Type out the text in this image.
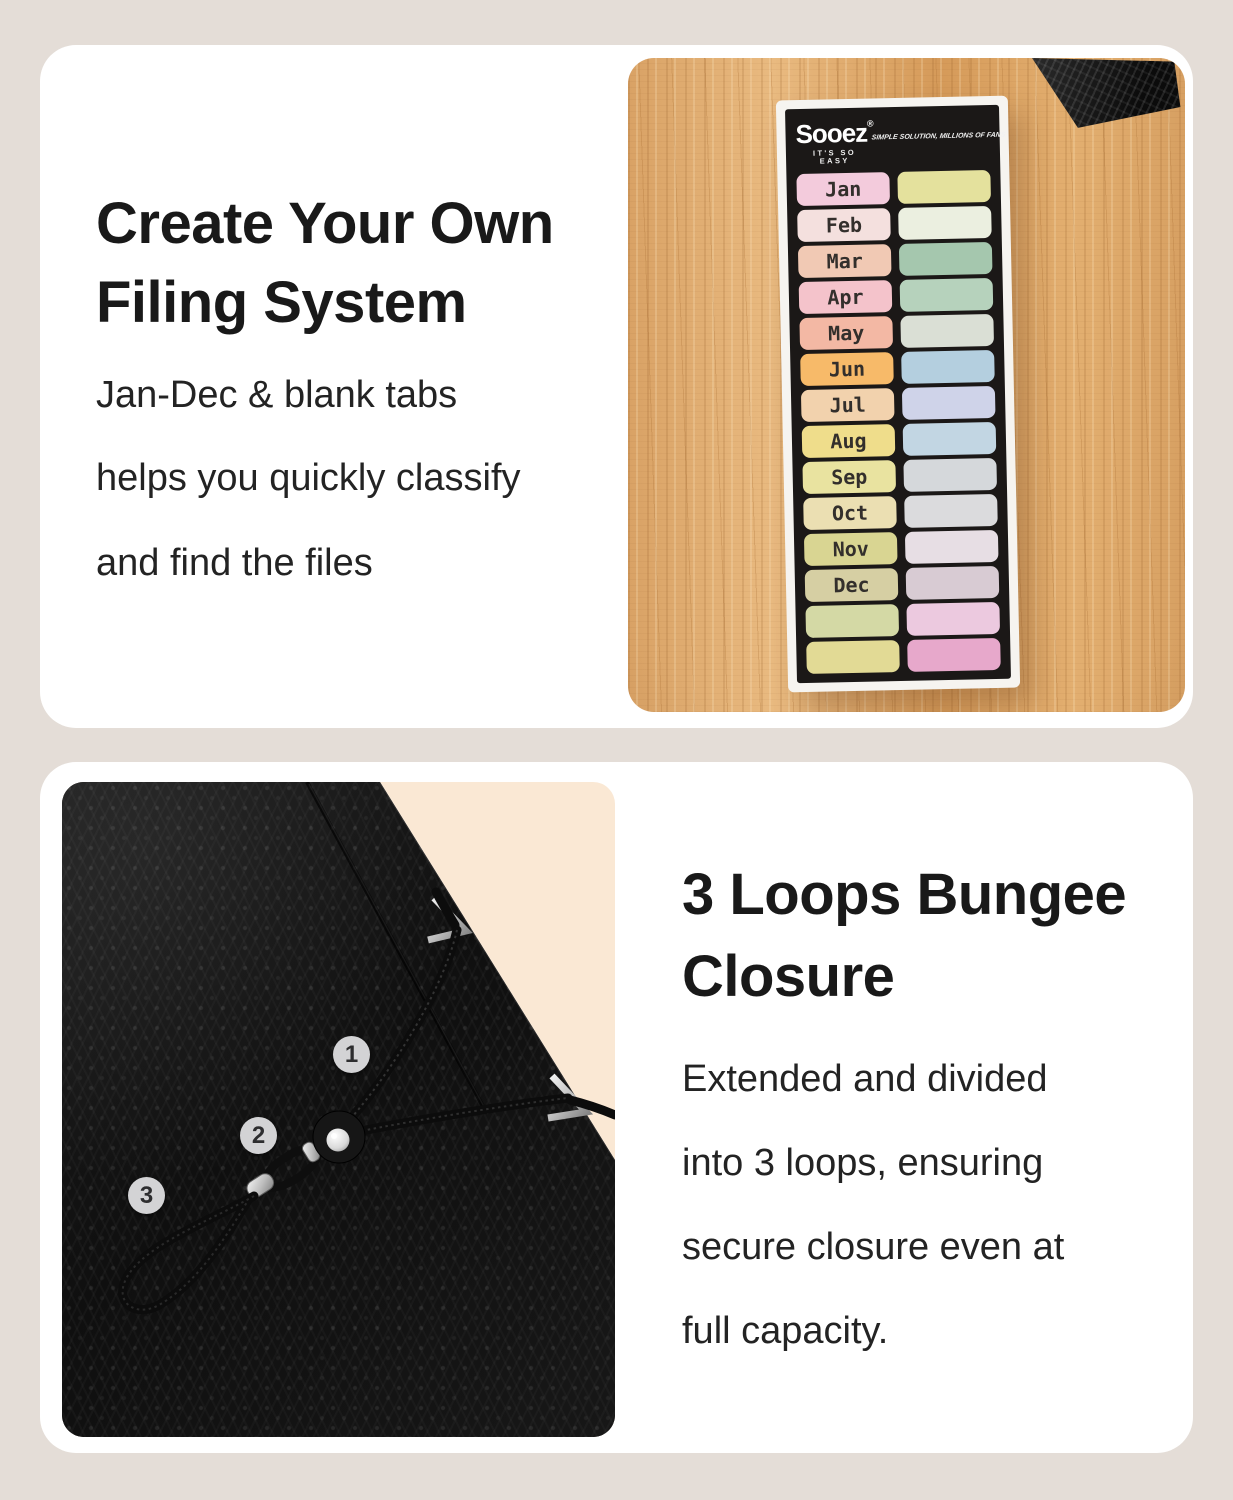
Create Your Own
Filing System
Jan-Dec & blank tabs
helps you quickly classify
and find the files
Sooez®
IT'S SO EASY
SIMPLE SOLUTION, MILLIONS OF FANS
Jan
Feb
Mar
Apr
May
Jun
Jul
Aug
Sep
Oct
Nov
Dec
1
2
3
3 Loops Bungee
Closure
Extended and divided
into 3 loops, ensuring
secure closure even at
full capacity.
